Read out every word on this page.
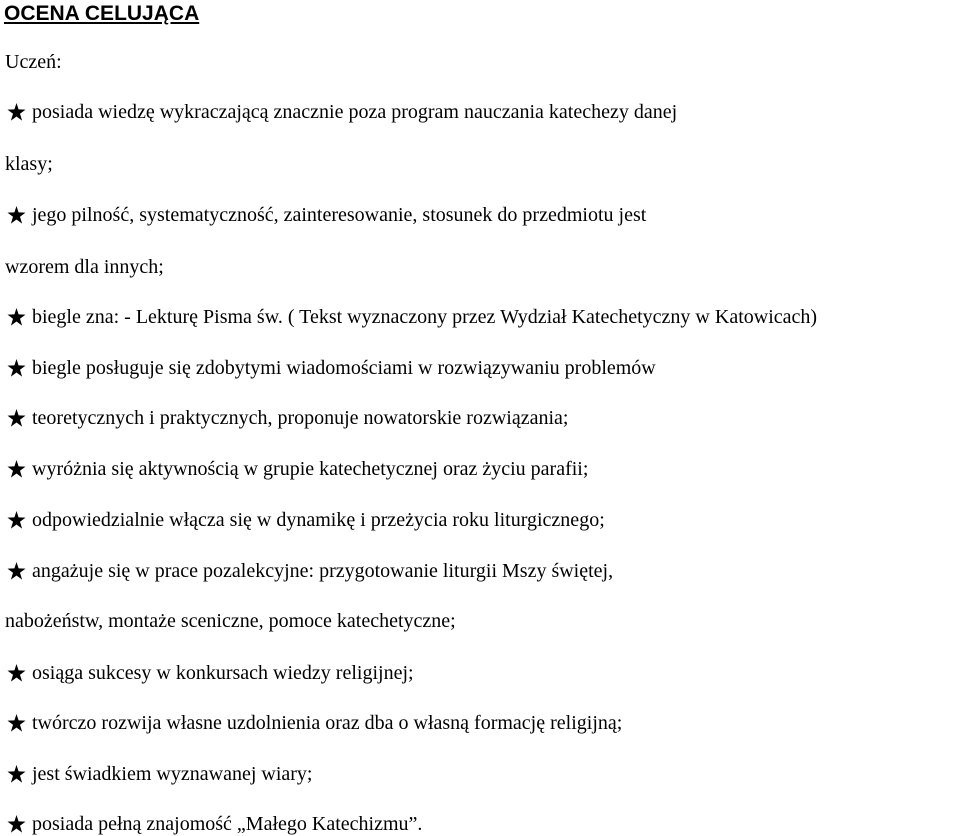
OCENA CELUJĄCA
Uczeń:
posiada wiedzę wykraczającą znacznie poza program nauczania katechezy danej
klasy;
jego pilność, systematyczność, zainteresowanie, stosunek do przedmiotu jest
wzorem dla innych;
biegle zna: - Lekturę Pisma św. ( Tekst wyznaczony przez Wydział Katechetyczny w Katowicach)
biegle posługuje się zdobytymi wiadomościami w rozwiązywaniu problemów
teoretycznych i praktycznych, proponuje nowatorskie rozwiązania;
wyróżnia się aktywnością w grupie katechetycznej oraz życiu parafii;
odpowiedzialnie włącza się w dynamikę i przeżycia roku liturgicznego;
angażuje się w prace pozalekcyjne: przygotowanie liturgii Mszy świętej,
nabożeństw, montaże sceniczne, pomoce katechetyczne;
osiąga sukcesy w konkursach wiedzy religijnej;
twórczo rozwija własne uzdolnienia oraz dba o własną formację religijną;
jest świadkiem wyznawanej wiary;
posiada pełną znajomość „Małego Katechizmu”.
